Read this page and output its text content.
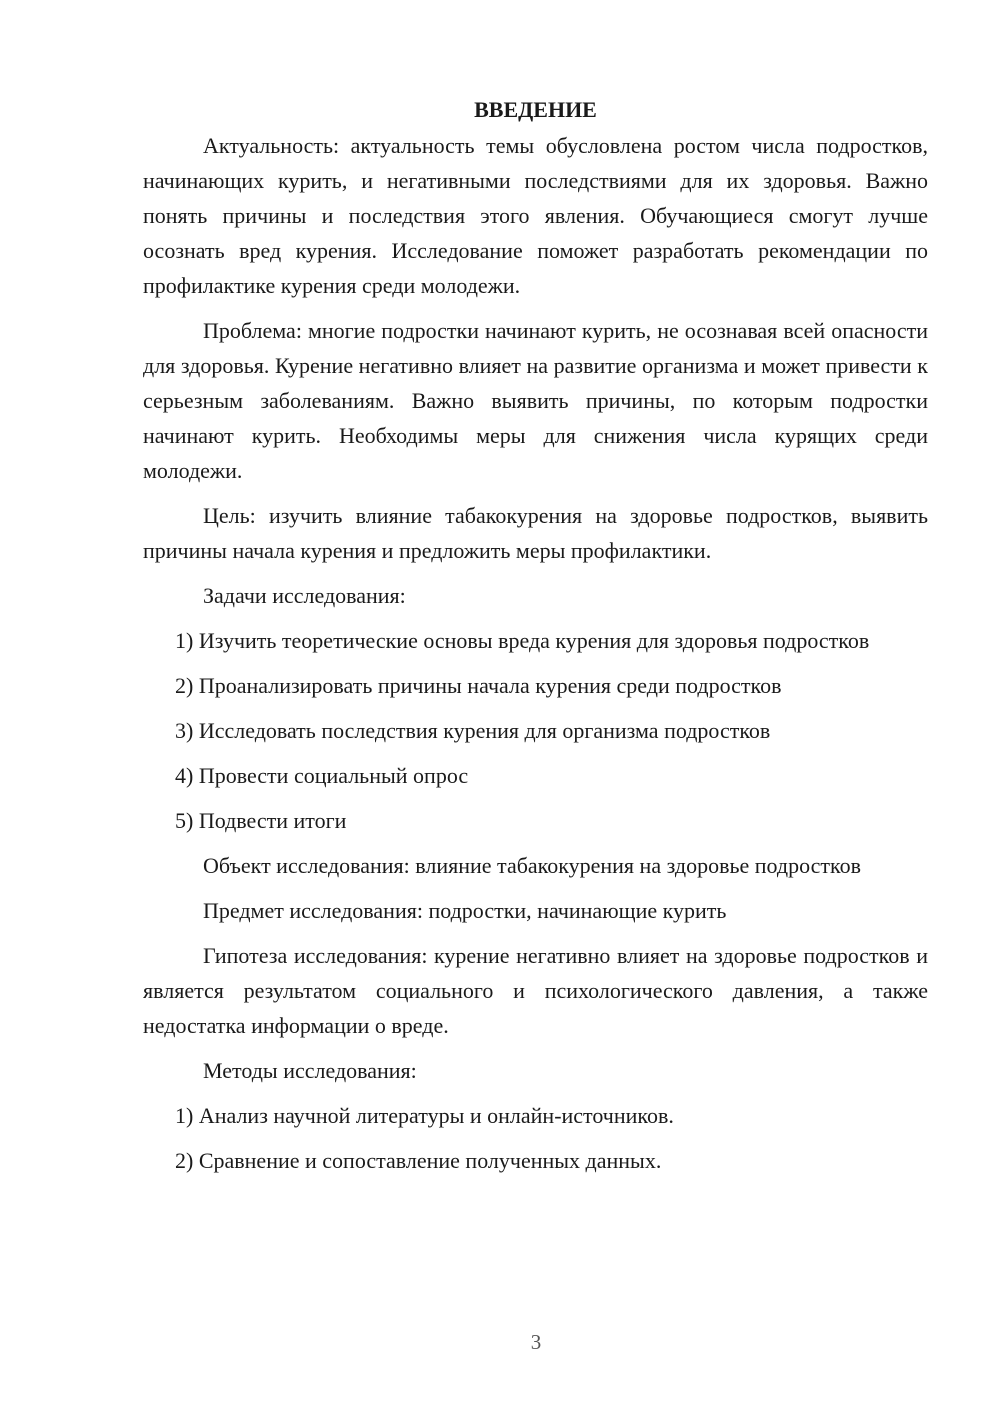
ВВЕДЕНИЕ

Актуальность: актуальность темы обусловлена ростом числа подростков, начинающих курить, и негативными последствиями для их здоровья. Важно понять причины и последствия этого явления. Обучающиеся смогут лучше осознать вред курения. Исследование поможет разработать рекомендации по профилактике курения среди молодежи.

Проблема: многие подростки начинают курить, не осознавая всей опасности для здоровья. Курение негативно влияет на развитие организма и может привести к серьезным заболеваниям. Важно выявить причины, по которым подростки начинают курить. Необходимы меры для снижения числа курящих среди молодежи.

Цель: изучить влияние табакокурения на здоровье подростков, выявить причины начала курения и предложить меры профилактики.

Задачи исследования:

1) Изучить теоретические основы вреда курения для здоровья подростков

2) Проанализировать причины начала курения среди подростков

3) Исследовать последствия курения для организма подростков

4) Провести социальный опрос

5) Подвести итоги

Объект исследования: влияние табакокурения на здоровье подростков

Предмет исследования: подростки, начинающие курить

Гипотеза исследования: курение негативно влияет на здоровье подростков и является результатом социального и психологического давления, а также недостатка информации о вреде.

Методы исследования:

1) Анализ научной литературы и онлайн-источников.

2) Сравнение и сопоставление полученных данных.

3
